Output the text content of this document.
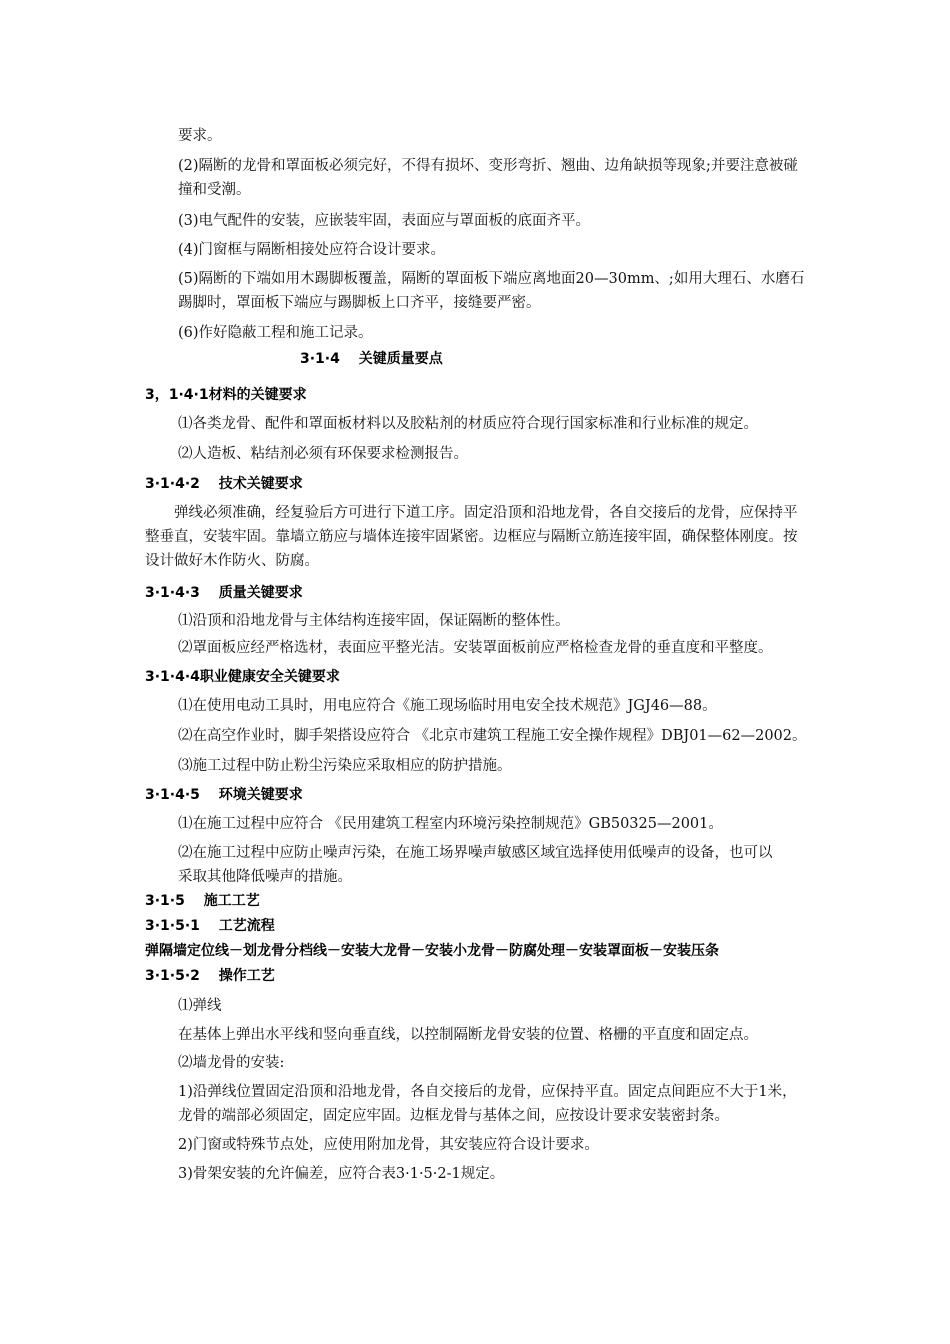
要求。
(2)隔断的龙骨和罩面板必须完好，不得有损坏、变形弯折、翘曲、边角缺损等现象;并要注意被碰
撞和受潮。
(3)电气配件的安装，应嵌装牢固，表面应与罩面板的底面齐平。
(4)门窗框与隔断相接处应符合设计要求。
(5)隔断的下端如用木踢脚板覆盖，隔断的罩面板下端应离地面20—30mm、;如用大理石、水磨石
踢脚时，罩面板下端应与踢脚板上口齐平，接缝要严密。
(6)作好隐蔽工程和施工记录。
3·1·4　 关键质量要点
3，1·4·1材料的关键要求
⑴各类龙骨、配件和罩面板材料以及胶粘剂的材质应符合现行国家标准和行业标准的规定。
⑵人造板、粘结剂必须有环保要求检测报告。
3·1·4·2　 技术关键要求
弹线必须准确，经复验后方可进行下道工序。固定沿顶和沿地龙骨，各自交接后的龙骨，应保持平
整垂直，安装牢固。靠墙立筋应与墙体连接牢固紧密。边框应与隔断立筋连接牢固，确保整体刚度。按
设计做好木作防火、防腐。
3·1·4·3　 质量关键要求
⑴沿顶和沿地龙骨与主体结构连接牢固，保证隔断的整体性。
⑵罩面板应经严格选材，表面应平整光洁。安装罩面板前应严格检查龙骨的垂直度和平整度。
3·1·4·4职业健康安全关键要求
⑴在使用电动工具时，用电应符合《施工现场临时用电安全技术规范》JGJ46—88。
⑵在高空作业时，脚手架搭设应符合 《北京市建筑工程施工安全操作规程》DBJ01—62—2002。
⑶施工过程中防止粉尘污染应采取相应的防护措施。
3·1·4·5　 环境关键要求
⑴在施工过程中应符合 《民用建筑工程室内环境污染控制规范》GB50325—2001。
⑵在施工过程中应防止噪声污染，在施工场界噪声敏感区域宜选择使用低噪声的设备，也可以
采取其他降低噪声的措施。
3·1·5　 施工工艺
3·1·5·1　 工艺流程
弹隔墙定位线－划龙骨分档线－安装大龙骨－安装小龙骨－防腐处理－安装罩面板－安装压条
3·1·5·2　 操作工艺
⑴弹线
在基体上弹出水平线和竖向垂直线，以控制隔断龙骨安装的位置、格栅的平直度和固定点。
⑵墙龙骨的安装:
1)沿弹线位置固定沿顶和沿地龙骨，各自交接后的龙骨，应保持平直。固定点间距应不大于1米，
龙骨的端部必须固定，固定应牢固。边框龙骨与基体之间，应按设计要求安装密封条。
2)门窗或特殊节点处，应使用附加龙骨，其安装应符合设计要求。
3)骨架安装的允许偏差，应符合表3·1·5·2-1规定。
